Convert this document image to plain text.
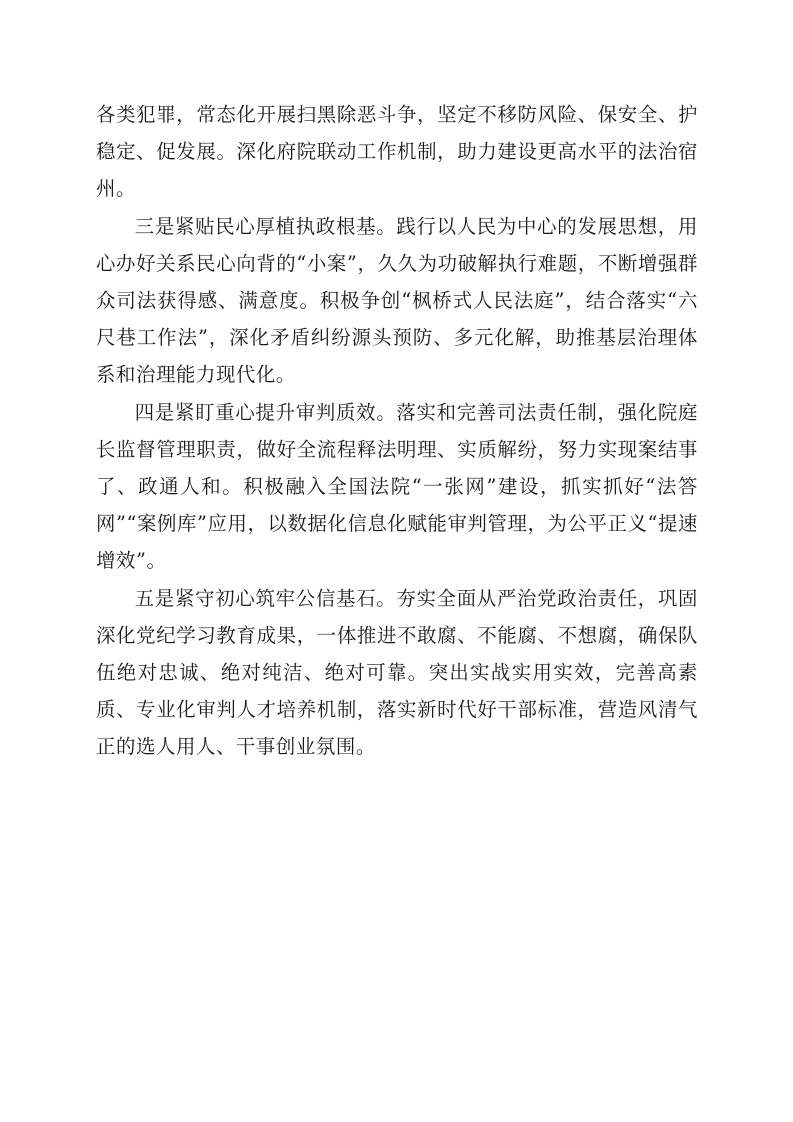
各类犯罪，常态化开展扫黑除恶斗争，坚定不移防风险、保安全、护稳定、促发展。深化府院联动工作机制，助力建设更高水平的法治宿州。

三是紧贴民心厚植执政根基。践行以人民为中心的发展思想，用心办好关系民心向背的“小案”，久久为功破解执行难题，不断增强群众司法获得感、满意度。积极争创“枫桥式人民法庭”，结合落实“六尺巷工作法”，深化矛盾纠纷源头预防、多元化解，助推基层治理体系和治理能力现代化。

四是紧盯重心提升审判质效。落实和完善司法责任制，强化院庭长监督管理职责，做好全流程释法明理、实质解纷，努力实现案结事了、政通人和。积极融入全国法院“一张网”建设，抓实抓好“法答网”“案例库”应用，以数据化信息化赋能审判管理，为公平正义“提速增效”。

五是紧守初心筑牢公信基石。夯实全面从严治党政治责任，巩固深化党纪学习教育成果，一体推进不敢腐、不能腐、不想腐，确保队伍绝对忠诚、绝对纯洁、绝对可靠。突出实战实用实效，完善高素质、专业化审判人才培养机制，落实新时代好干部标准，营造风清气正的选人用人、干事创业氛围。
